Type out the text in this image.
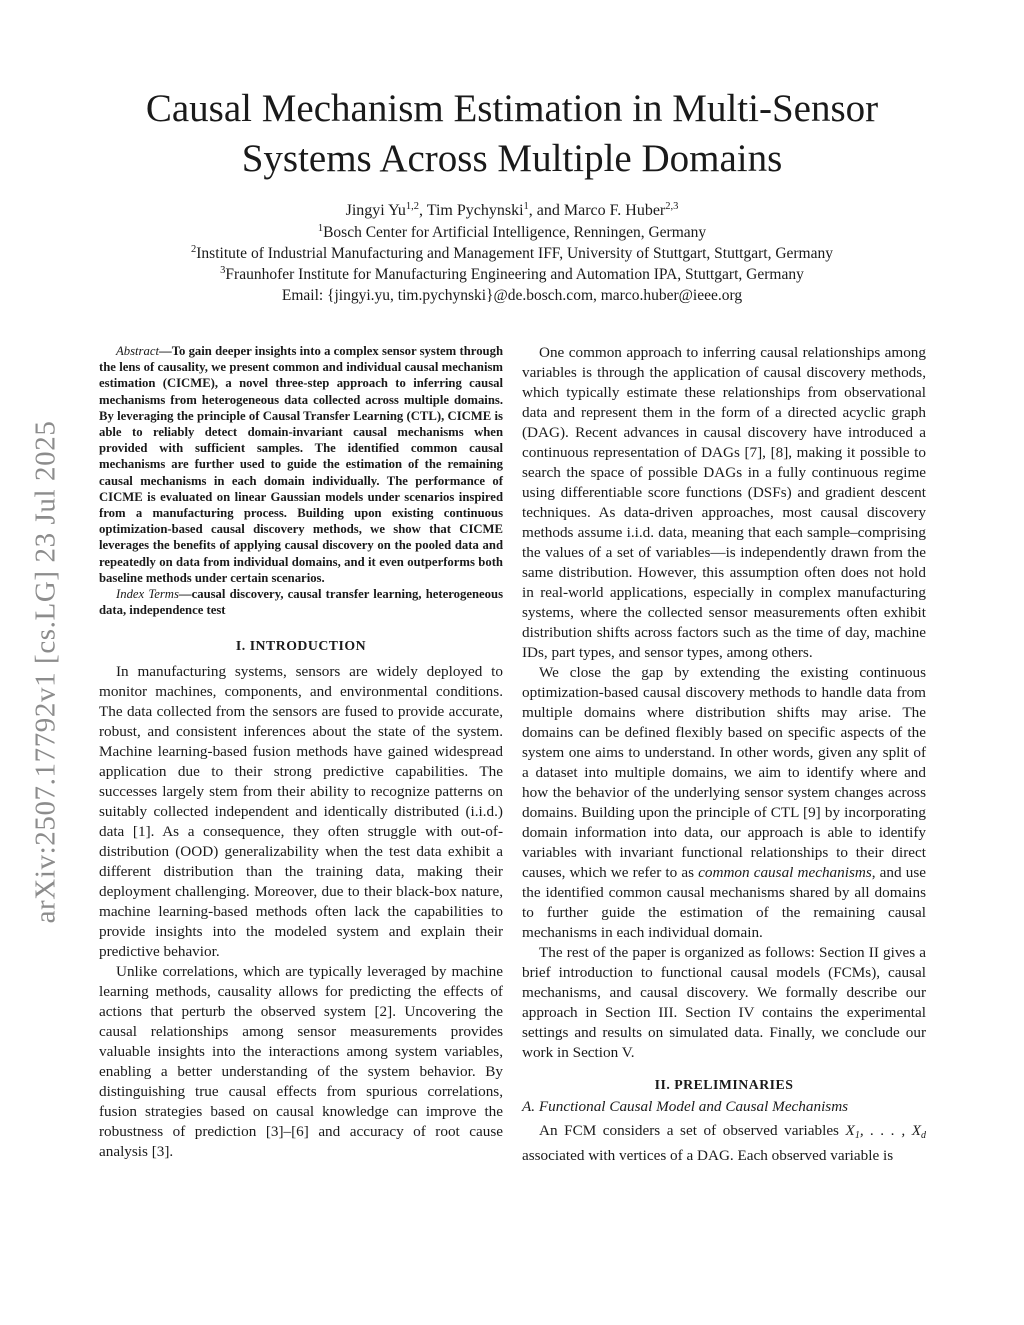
arXiv:2507.17792v1 [cs.LG] 23 Jul 2025
Causal Mechanism Estimation in Multi-Sensor
Systems Across Multiple Domains
Jingyi Yu$^{1,2}$, Tim Pychynski$^1$, and Marco F. Huber$^{2,3}$
$^1$Bosch Center for Artificial Intelligence, Renningen, Germany
$^2$Institute of Industrial Manufacturing and Management IFF, University of Stuttgart, Stuttgart, Germany
$^3$Fraunhofer Institute for Manufacturing Engineering and Automation IPA, Stuttgart, Germany
Email: {jingyi.yu, tim.pychynski}@de.bosch.com, marco.huber@ieee.org

Abstract—To gain deeper insights into a complex sensor system through the lens of causality, we present common and individual causal mechanism estimation (CICME), a novel three-step approach to inferring causal mechanisms from heterogeneous data collected across multiple domains. By leveraging the principle of Causal Transfer Learning (CTL), CICME is able to reliably detect domain-invariant causal mechanisms when provided with sufficient samples. The identified common causal mechanisms are further used to guide the estimation of the remaining causal mechanisms in each domain individually. The performance of CICME is evaluated on linear Gaussian models under scenarios inspired from a manufacturing process. Building upon existing continuous optimization-based causal discovery methods, we show that CICME leverages the benefits of applying causal discovery on the pooled data and repeatedly on data from individual domains, and it even outperforms both baseline methods under certain scenarios.

Index Terms—causal discovery, causal transfer learning, heterogeneous data, independence test

I. INTRODUCTION

In manufacturing systems, sensors are widely deployed to monitor machines, components, and environmental conditions. The data collected from the sensors are fused to provide accurate, robust, and consistent inferences about the state of the system. Machine learning-based fusion methods have gained widespread application due to their strong predictive capabilities. The successes largely stem from their ability to recognize patterns on suitably collected independent and identically distributed (i.i.d.) data [1]. As a consequence, they often struggle with out-of-distribution (OOD) generalizability when the test data exhibit a different distribution than the training data, making their deployment challenging. Moreover, due to their black-box nature, machine learning-based methods often lack the capabilities to provide insights into the modeled system and explain their predictive behavior.

Unlike correlations, which are typically leveraged by machine learning methods, causality allows for predicting the effects of actions that perturb the observed system [2]. Uncovering the causal relationships among sensor measurements provides valuable insights into the interactions among system variables, enabling a better understanding of the system behavior. By distinguishing true causal effects from spurious correlations, fusion strategies based on causal knowledge can improve the robustness of prediction [3]–[6] and accuracy of root cause analysis [3].

One common approach to inferring causal relationships among variables is through the application of causal discovery methods, which typically estimate these relationships from observational data and represent them in the form of a directed acyclic graph (DAG). Recent advances in causal discovery have introduced a continuous representation of DAGs [7], [8], making it possible to search the space of possible DAGs in a fully continuous regime using differentiable score functions (DSFs) and gradient descent techniques. As data-driven approaches, most causal discovery methods assume i.i.d. data, meaning that each sample–comprising the values of a set of variables—is independently drawn from the same distribution. However, this assumption often does not hold in real-world applications, especially in complex manufacturing systems, where the collected sensor measurements often exhibit distribution shifts across factors such as the time of day, machine IDs, part types, and sensor types, among others.

We close the gap by extending the existing continuous optimization-based causal discovery methods to handle data from multiple domains where distribution shifts may arise. The domains can be defined flexibly based on specific aspects of the system one aims to understand. In other words, given any split of a dataset into multiple domains, we aim to identify where and how the behavior of the underlying sensor system changes across domains. Building upon the principle of CTL [9] by incorporating domain information into data, our approach is able to identify variables with invariant functional relationships to their direct causes, which we refer to as common causal mechanisms, and use the identified common causal mechanisms shared by all domains to further guide the estimation of the remaining causal mechanisms in each individual domain.

The rest of the paper is organized as follows: Section II gives a brief introduction to functional causal models (FCMs), causal mechanisms, and causal discovery. We formally describe our approach in Section III. Section IV contains the experimental settings and results on simulated data. Finally, we conclude our work in Section V.

II. PRELIMINARIES
A. Functional Causal Model and Causal Mechanisms

An FCM considers a set of observed variables $X_1$, . . . , $X_d$ associated with vertices of a DAG. Each observed variable is
